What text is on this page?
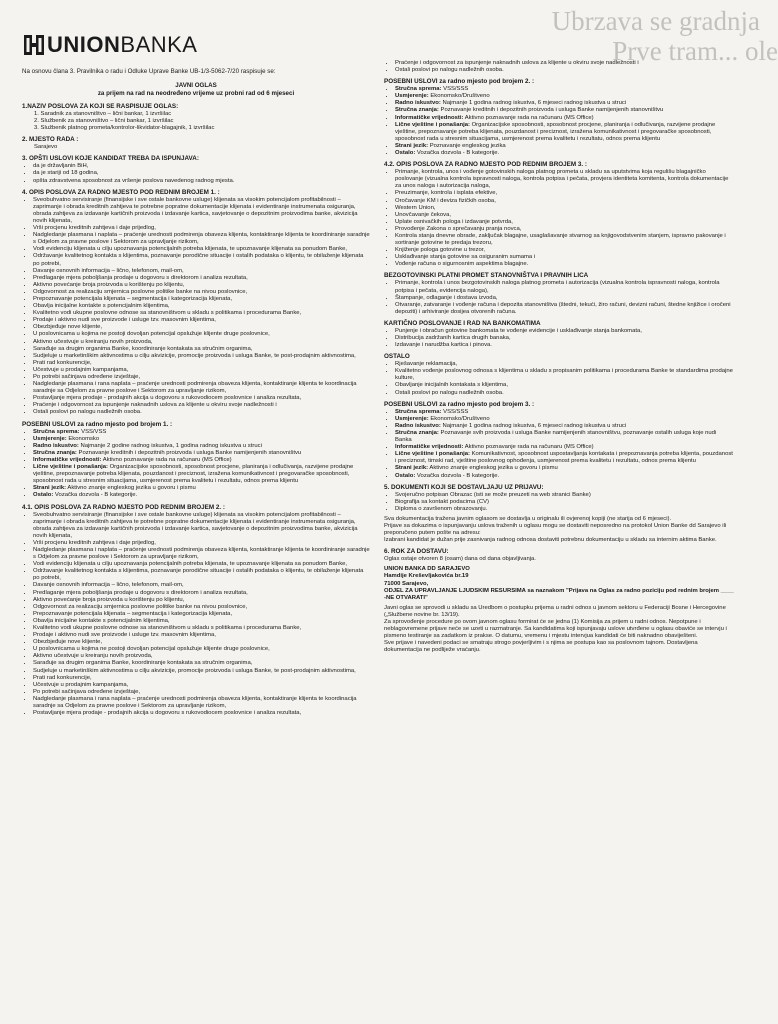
Ubrzava se gradnja
Prve tram... ole
UNIONBANKA
Na osnovu člana 3. Pravilnika o radu i Odluke Uprave Banke UB-1/3-5062-7/20 raspisuje se:
JAVNI OGLAS
za prijem na rad na neodređeno vrijeme uz probni rad od 6 mjeseci
1.NAZIV POSLOVA ZA KOJI SE RASPISUJE OGLAS:
1. Saradnik za stanovništvo – lični bankar, 1 izvršilac
2. Službenik za stanovništvo – lični bankar, 1 izvršilac
3. Službenik platnog prometa/kontrolor-likvidator-blagajnik, 1 izvršilac
2. MJESTO RADA :
Sarajevo
3. OPŠTI USLOVI KOJE KANDIDAT TREBA DA ISPUNJAVA:
• da je državljanin BiH,
• da je stariji od 18 godina,
• opšta zdravstvena sposobnost za vršenje poslova navedenog radnog mjesta.
4. OPIS POSLOVA ZA RADNO MJESTO POD REDNIM BROJEM 1. :
• Sveobuhvatno servisiranje (finansijske i sve ostale bankovne usluge) klijenata sa visokim potencijalom profitabilnosti – zaprimanje i obrada kreditnih zahtjeva te potrebne popratne dokumentacije klijenata i evidentiranje instrumenata osiguranja, obrada zahtjeva za izdavanje kartičnih proizvoda i izdavanje kartica, savjetovanje o depozitnim proizvodima banke, akvizicija novih klijenata,
• Vrši procjenu kreditnih zahtjeva i daje prijedlog,
• Nadgledanje plasmana i naplata – praćenje urednosti podmirenja obaveza klijenta, kontaktiranje klijenta te koordiniranje saradnje s Odjelom za pravne poslove i Sektorom za upravljanje rizikom,
• Vodi evidenciju klijenata u cilju upoznavanja potencijalnih potreba klijenata, te upoznavanje klijenata sa ponudom Banke,
• Održavanje kvalitetnog kontakta s klijentima, poznavanje porodične situacije i ostalih podataka o klijentu, te obilaženje klijenata po potrebi,
• Davanje osnovnih informacija – lično, telefonom, mail-om,
• Predlaganje mjera pobolјšanja prodaje u dogovoru s direktorom i analiza rezultata,
• Aktivno povećanje broja proizvoda u korištenju po klijentu,
• Odgovornost za realizaciju smjernica poslovne politike banke na nivou poslovnice,
• Prepoznavanje potencijala klijenata – segmentacija i kategorizacija klijenata,
• Obavlja inicijalne kontakte s potencijalnim klijentima,
• Kvalitetno vodi ukupne poslovne odnose sa stanovništvom u skladu s politikama i procedurama Banke,
• Prodaje i aktivno nudi sve proizvode i usluge tzv. masovnim klijentima,
• Obezbjeđuje nove klijente,
• U poslovnicama u kojima ne postoji dovoljan potencijal opslužuje klijente druge poslovnice,
• Aktivno učestvuje u kreiranju novih proizvoda,
• Sarađuje sa drugim organima Banke, koordiniranje kontakata sa stručnim organima,
• Sudjeluje u marketinškim aktivnostima u cilju akvizicije, promocije proizvoda i usluga Banke, te post-prodajnim aktivnostima,
• Prati rad konkurencije,
• Učestvuje u prodajnim kampanjama,
• Po potrebi sačinjava određene izvještaje,
• Nadgledanje plasmana i rana naplata – praćenje urednosti podmirenja obaveza klijenta, kontaktiranje klijenta te koordinacija saradnje sa Odjelom za pravne poslove i Sektorom za upravljanje rizikom,
• Postavljanje mjera prodaje - prodajnih akcija u dogovoru s rukovodiocem poslovnice i analiza rezultata,
• Praćenje i odgovornost za ispunjenje naknadnih uslova za klijente u okviru svoje nadležnosti i
• Ostali poslovi po nalogu nadležnih osoba.
POSEBNI USLOVI za radno mjesto pod brojem 1. :
• Stručna sprema: VSS/VSS
• Usmjerenje: Ekonomsko
• Radno iskustvo: Najmanje 2 godine radnog iskustva, 1 godina radnog iskustva u struci
• Stručna znanja: Poznavanje kreditnih i depozitnih proizvoda i usluga Banke namijenjenih stanovništvu
• Informatičke vrijednosti: Aktivno poznavanje rada na računaru (MS Office)
• Lične vještine i ponašanja: Organizacijske sposobnosti, sposobnost procjene, planiranja i odlučivanja, razvijene prodajne vještine, prepoznavanje potreba klijenata, pouzdanost i preciznost, izražena komunikativnost i pregovaračke sposobnosti, sposobnost rada u stresnim situacijama, usmjerenost prema kvalitetu i rezultatu, odnos prema klijentu
• Strani jezik: Aktivno znanje engleskog jezika u govoru i pismu
• Ostalo: Vozačka dozvola - B kategorije.
4.1. OPIS POSLOVA ZA RADNO MJESTO POD REDNIM BROJEM 2. :
• Sveobuhvatno servisiranje (finansijske i sve ostale bankovne usluge) klijenata sa visokim potencijalom profitabilnosti – zaprimanje i obrada kreditnih zahtjeva te potrebne popratne dokumentacije klijenata i evidentiranje instrumenata osiguranja, obrada zahtjeva za izdavanje kartičnih proizvoda i izdavanje kartica, savjetovanje o depozitnim proizvodima banke, akvizicija novih klijenata,
• Vrši procjenu kreditnih zahtjeva i daje prijedlog,
• Nadgledanje plasmana i naplata – praćenje urednosti podmirenja obaveza klijenta, kontaktiranje klijenta te koordiniranje saradnje s Odjelom za pravne poslove i Sektorom za upravljanje rizikom,
• Vodi evidenciju klijenata u cilju upoznavanja potencijalnih potreba klijenata, te upoznavanje klijenata sa ponudom Banke,
• Održavanje kvalitetnog kontakta s klijentima, poznavanje porodične situacije i ostalih podataka o klijentu, te obilaženje klijenata po potrebi,
• Davanje osnovnih informacija – lično, telefonom, mail-om,
• Predlaganje mjera pobolјšanja prodaje u dogovoru s direktorom i analiza rezultata,
• Aktivno povećanje broja proizvoda u korištenju po klijentu,
• Odgovornost za realizaciju smjernica poslovne politike banke na nivou poslovnice,
• Prepoznavanje potencijala klijenata – segmentacija i kategorizacija klijenata,
• Obavlja inicijalne kontakte s potencijalnim klijentima,
• Kvalitetno vodi ukupne poslovne odnose sa stanovništvom u skladu s politikama i procedurama Banke,
• Prodaje i aktivno nudi sve proizvode i usluge tzv. masovnim klijentima,
• Obezbjeđuje nove klijente,
• U poslovnicama u kojima ne postoji dovoljan potencijal opslužuje klijente druge poslovnice,
• Aktivno učestvuje u kreiranju novih proizvoda,
• Sarađuje sa drugim organima Banke, koordiniranje kontakata sa stručnim organima,
• Sudjeluje u marketinškim aktivnostima u cilju akvizicije, promocije proizvoda i usluga Banke, te post-prodajnim aktivnostima,
• Prati rad konkurencije,
• Učestvuje u prodajnim kampanjama,
• Po potrebi sačinjava određene izvještaje,
• Nadgledanje plasmana i rana naplata – praćenje urednosti podmirenja obaveza klijenta, kontaktiranje klijenta te koordinacija saradnje sa Odjelom za pravne poslove i Sektorom za upravljanje rizikom,
• Postavljanje mjera prodaje - prodajnih akcija u dogovoru s rukovodiocem poslovnice i analiza rezultata,
• Praćenje i odgovornost za ispunjenje naknadnih uslova za klijente u okviru svoje nadležnosti i
• Ostali poslovi po nalogu nadležnih osoba.
POSEBNI USLOVI za radno mjesto pod brojem 2. :
• Stručna sprema: VSS/SSS
• Usmjerenje: Ekonomsko/Društveno
• Radno iskustvo: Najmanje 1 godina radnog iskustva, 6 mjeseci radnog iskustva u struci
• Stručna znanja: Poznavanje kreditnih i depozitnih proizvoda i usluga Banke namijenjenih stanovništvu
• Informatičke vrijednosti: Aktivno poznavanje rada na računaru (MS Office)
• Lične vještine i ponašanja: Organizacijske sposobnosti, sposobnost procjene, planiranja i odlučivanja, razvijene prodajne vještine, prepoznavanje potreba klijenata, pouzdanost i preciznost, izražena komunikativnost i pregovaračke sposobnosti, sposobnost rada u stresnim situacijama, usmjerenost prema kvalitetu i rezultatu, odnos prema klijentu
• Strani jezik: Poznavanje engleskog jezika
• Ostalo: Vozačka dozvola - B kategorije.
4.2. OPIS POSLOVA ZA RADNO MJESTO POD REDNIM BROJEM 3. :
• Primanje, kontrola, unos i vođenje gotovinskih naloga platnog prometa u skladu sa uputstvima koja regulišu blagajničko poslovanje (vizualna kontrola ispravnosti naloga, kontrola potpisa i pečata, provjera identiteta komitenta, kontrola dokumentacije za unos naloga i autorizacija naloga,
• Preuzimanje, kontrola i isplata efektive,
• Oročavanje KM i deviza fizičkih osoba,
• Western Union,
• Unovčavanje čekova,
• Uplate osnivačkih pologa i izdavanje potvrda,
• Provođenje Zakona o sprečavanju pranja novca,
• Kontrola stanja dnevne obrade, zaključak blagajne, usaglašavanje stvarnog sa knjigovodstvenim stanjem, ispravno pakovanje i sortiranje gotovine te predaja trezoru,
• Knjiženje pologa gotovine u trezor,
• Usklađivanje stanja gotovine sa osiguranim sumama i
• Vođenje računa o sigurnosnim aspektima blagajne.
BEZGOTOVINSKI PLATNI PROMET STANOVNIŠTVA I PRAVNIH LICA
• Primanje, kontrola i unos bezgotovinskih naloga platnog prometa i autorizacija (vizualna kontrola ispravnosti naloga, kontrola potpisa i pečata, evidencija naloga),
• Štampanje, odlaganje i dostava izvoda,
• Otvaranje, zatvaranje i vođenje računa i depozita stanovništva (štedni, tekući, žiro računi, devizni računi, štedne knjižice i oročeni depoziti) i arhiviranje dosijea otvorenih računa.
KARTIČNO POSLOVANJE I RAD NA BANKOMATIMA
• Punjenje i obračun gotovine bankomata te vođenje evidencije i usklađivanje stanja bankomata,
• Distribucija zadržanih kartica drugih banaka,
• Izdavanje i narudžba kartica i pinova.
OSTALO
• Rješavanje reklamacija,
• Kvalitetno vođenje poslovnog odnosa s klijentima u skladu s propisanim politikama i procedurama Banke te standardima prodajne kulture,
• Obavljanje inicijalnih kontakata s klijentima,
• Ostali poslovi po nalogu nadležnih osoba.
POSEBNI USLOVI za radno mjesto pod brojem 3. :
• Stručna sprema: VSS/SSS
• Usmjerenje: Ekonomsko/Društveno
• Radno iskustvo: Najmanje 1 godina radnog iskustva, 6 mjeseci radnog iskustva u struci
• Stručna znanja: Poznavanje svih proizvoda i usluga Banke namijenjenih stanovništvu, poznavanje ostalih usluga koje nudi Banka
• Informatičke vrijednosti: Aktivno poznavanje rada na računaru (MS Office)
• Lične vještine i ponašanja: Komunikativnost, sposobnost uspostavljanja kontakata i prepoznavanja potreba klijenta, pouzdanost i preciznost, timski rad, vještine poslovnog ophođenja, usmjerenost prema kvalitetu i rezultatu, odnos prema klijentu
• Strani jezik: Aktivno znanje engleskog jezika u govoru i pismu
• Ostalo: Vozačka dozvola - B kategorije.
5. DOKUMENTI KOJI SE DOSTAVLJAJU UZ PRIJAVU:
• Svojeručno potpisan Obrazac (isti se može preuzeti na web stranici Banke)
• Biografija sa kontakt podacima (CV)
• Diploma o završenom obrazovanju.
Sva dokumentacija tražena javnim oglasom se dostavlja u originalu ili ovjerenoj kopiji (ne starija od 6 mjeseci).
Prijave sa dokazima o ispunjavanju uslova traženih u oglasu mogu se dostaviti neposredno na protokol Union Banke dd Sarajevo ili preporučeno putem pošte na adresu:
Izabrani kandidat je dužan prije zasnivanja radnog odnosa dostaviti potrebnu dokumentaciju u skladu sa internim aktima Banke.
6. ROK ZA DOSTAVU:
Oglas ostaje otvoren 8 (osam) dana od dana objavljivanja.
UNION BANKA DD SARAJEVO
Hamdije Kreševljakovića br.19
71000 Sarajevo,
ODJEL ZA UPRAVLJANJE LJUDSKIM RESURSIMA sa naznakom "Prijava na Oglas za radno poziciju pod rednim brojem ____ -NE OTVARATI"
Javni oglas se sprovodi u skladu sa Uredbom o postupku prijema u radni odnos u javnom sektoru u Federaciji Bosne i Hercegovine („Službene novine br. 13/19).
Za sprovođenje procedure po ovom javnom oglasu formirat će se jedna (1) Komisija za prijem u radni odnos. Nepotpune i neblagovremene prijave neće se uzeti u razmatranje. Sa kandidatima koji ispunjavaju uslove utvrđene u oglasu obaviće se intervju i pismeno testiranje sa zadatkom iz prakse. O datumu, vremenu i mjestu intervjua kandidati će biti naknadno obaviješteni.
Sve prijave i navedeni podaci se smatraju strogo povjerljivim i s njima se postupa kao sa poslovnom tajnom. Dostavljena dokumentacija ne podliježe vraćanju.
